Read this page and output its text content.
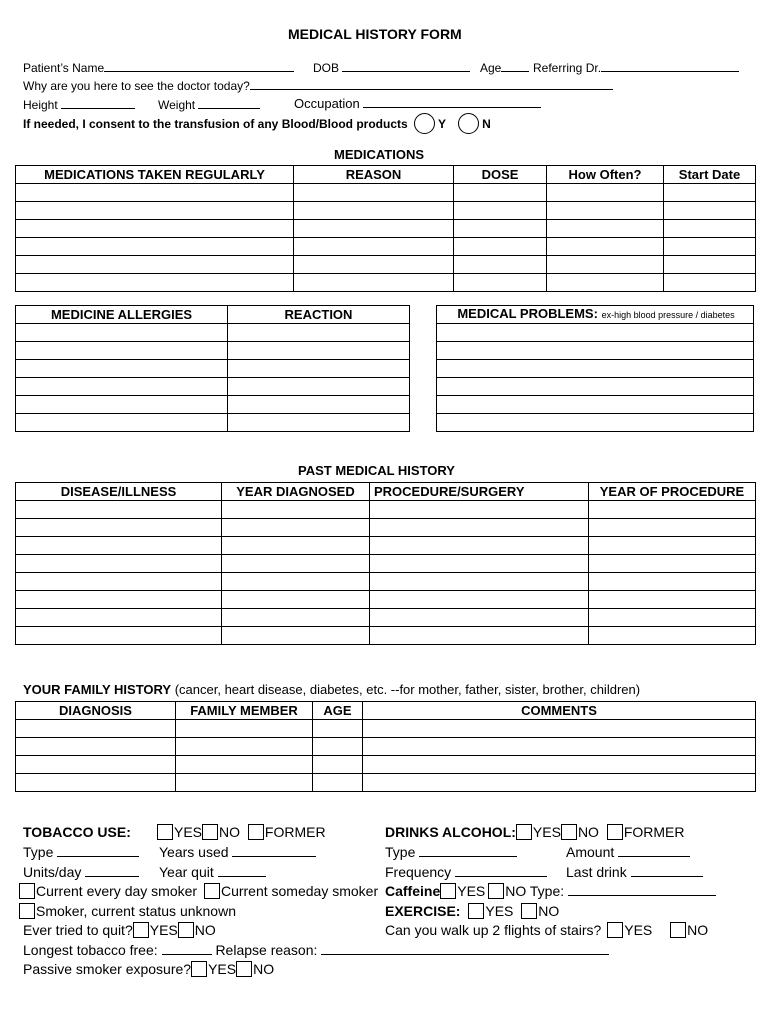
MEDICAL HISTORY FORM
Patient’s Name	DOB	Age	Referring Dr.
Why are you here to see the doctor today?
Height	Weight	Occupation
If needed, I consent to the transfusion of any Blood/Blood products	Y	N
MEDICATIONS
MEDICATIONS TAKEN REGULARLY	REASON	DOSE	How Often?	Start Date

MEDICINE ALLERGIES	REACTION

		MEDICAL PROBLEMS: ex-high blood pressure / diabetes

PAST MEDICAL HISTORY
DISEASE/ILLNESS	YEAR DIAGNOSED	PROCEDURE/SURGERY	YEAR OF PROCEDURE

YOUR FAMILY HISTORY (cancer, heart disease, diabetes, etc. --for mother, father, sister, brother, children)
DIAGNOSIS	FAMILY MEMBER	AGE	COMMENTS

TOBACCO USE:	YES NO FORMER
Type	Years used
Units/day	Year quit
Current every day smoker Current someday smoker
Smoker, current status unknown
Ever tried to quit? YES NO
Longest tobacco free:	Relapse reason:
Passive smoker exposure? YES NO
DRINKS ALCOHOL: YES NO FORMER
Type	Amount
Frequency	Last drink
Caffeine YES NO Type:
EXERCISE: YES NO
Can you walk up 2 flights of stairs? YES NO
